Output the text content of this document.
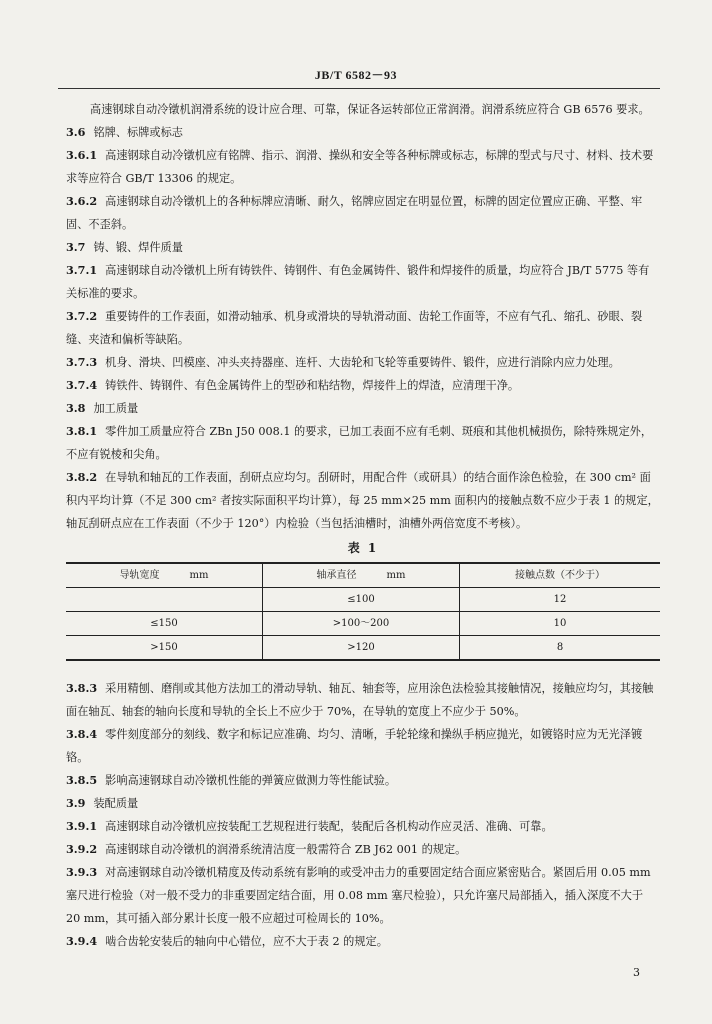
JB/T 6582－93

高速钢球自动冷镦机润滑系统的设计应合理、可靠，保证各运转部位正常润滑。润滑系统应符合 GB 6576 要求。

3.6 铭牌、标牌或标志

3.6.1 高速钢球自动冷镦机应有铭牌、指示、润滑、操纵和安全等各种标牌或标志，标牌的型式与尺寸、材料、技术要求等应符合 GB/T 13306 的规定。

3.6.2 高速钢球自动冷镦机上的各种标牌应清晰、耐久，铭牌应固定在明显位置，标牌的固定位置应正确、平整、牢固、不歪斜。

3.7 铸、锻、焊件质量

3.7.1 高速钢球自动冷镦机上所有铸铁件、铸钢件、有色金属铸件、锻件和焊接件的质量，均应符合 JB/T 5775 等有关标准的要求。

3.7.2 重要铸件的工作表面，如滑动轴承、机身或滑块的导轨滑动面、齿轮工作面等，不应有气孔、缩孔、砂眼、裂缝、夹渣和偏析等缺陷。

3.7.3 机身、滑块、凹模座、冲头夹持器座、连杆、大齿轮和飞轮等重要铸件、锻件，应进行消除内应力处理。

3.7.4 铸铁件、铸钢件、有色金属铸件上的型砂和粘结物，焊接件上的焊渣，应清理干净。

3.8 加工质量

3.8.1 零件加工质量应符合 ZBn J50 008.1 的要求，已加工表面不应有毛刺、斑痕和其他机械损伤，除特殊规定外，不应有锐棱和尖角。

3.8.2 在导轨和轴瓦的工作表面，刮研点应均匀。刮研时，用配合件（或研具）的结合面作涂色检验，在 300 cm² 面积内平均计算（不足 300 cm² 者按实际面积平均计算），每 25 mm×25 mm 面积内的接触点数不应少于表 1 的规定，轴瓦刮研点应在工作表面（不少于 120°）内检验（当包括油槽时，油槽外两倍宽度不考核）。

表 1
导轨宽度　　　mm	轴承直径　　　mm	接触点数（不少于）
	≤100	12
≤150	>100～200	10
>150	>120	8

3.8.3 采用精刨、磨削或其他方法加工的滑动导轨、轴瓦、轴套等，应用涂色法检验其接触情况，接触应均匀，其接触面在轴瓦、轴套的轴向长度和导轨的全长上不应少于 70%，在导轨的宽度上不应少于 50%。

3.8.4 零件刻度部分的刻线、数字和标记应准确、均匀、清晰，手轮轮缘和操纵手柄应抛光，如镀铬时应为无光泽镀铬。

3.8.5 影响高速钢球自动冷镦机性能的弹簧应做测力等性能试验。

3.9 装配质量

3.9.1 高速钢球自动冷镦机应按装配工艺规程进行装配，装配后各机构动作应灵活、准确、可靠。

3.9.2 高速钢球自动冷镦机的润滑系统清洁度一般需符合 ZB J62 001 的规定。

3.9.3 对高速钢球自动冷镦机精度及传动系统有影响的或受冲击力的重要固定结合面应紧密贴合。紧固后用 0.05 mm 塞尺进行检验（对一般不受力的非重要固定结合面，用 0.08 mm 塞尺检验），只允许塞尺局部插入，插入深度不大于 20 mm，其可插入部分累计长度一般不应超过可检周长的 10%。

3.9.4 啮合齿轮安装后的轴向中心错位，应不大于表 2 的规定。

3
